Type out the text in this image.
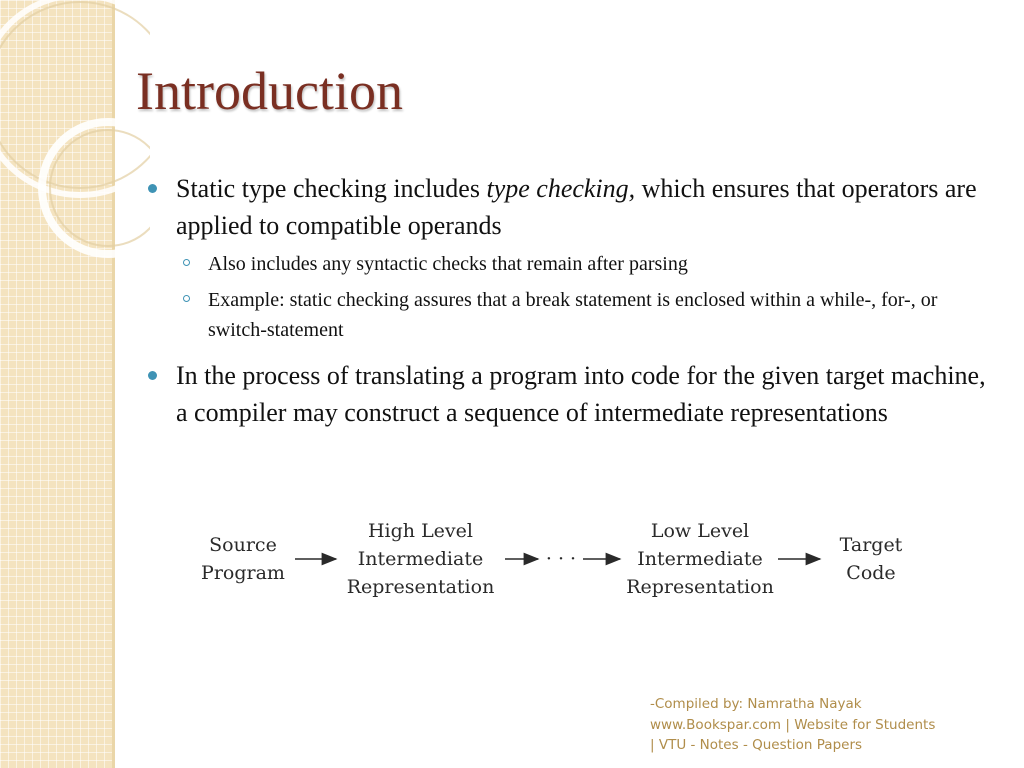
Introduction
Static type checking includes type checking, which ensures that operators are applied to compatible operands
Also includes any syntactic checks that remain after parsing
Example: static checking assures that a break statement is enclosed within a while-, for-, or switch-statement
In the process of translating a program into code for the given target machine, a compiler may construct a sequence of intermediate representations
Source
Program
High Level
Intermediate
Representation
· · ·
Low Level
Intermediate
Representation
Target
Code
-Compiled by: Namratha Nayak
www.Bookspar.com | Website for Students
| VTU - Notes - Question Papers
